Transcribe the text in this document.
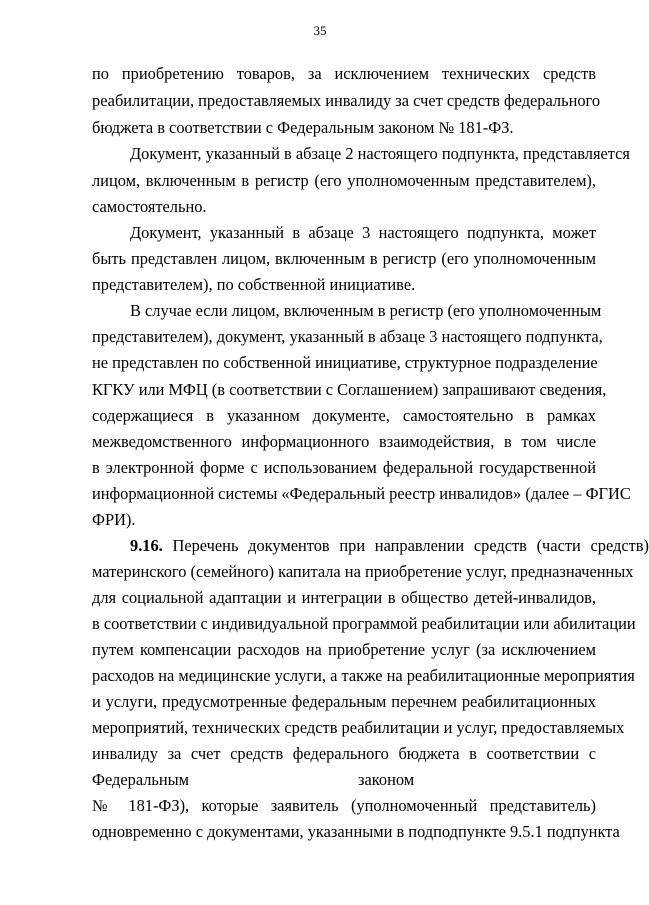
35
по приобретению товаров, за исключением технических средств
реабилитации, предоставляемых инвалиду за счет средств федерального
бюджета в соответствии с Федеральным законом № 181-ФЗ.
Документ, указанный в абзаце 2 настоящего подпункта, представляется
лицом, включенным в регистр (его уполномоченным представителем),
самостоятельно.
Документ, указанный в абзаце 3 настоящего подпункта, может
быть представлен лицом, включенным в регистр (его уполномоченным
представителем), по собственной инициативе.
В случае если лицом, включенным в регистр (его уполномоченным
представителем), документ, указанный в абзаце 3 настоящего подпункта,
не представлен по собственной инициативе, структурное подразделение
КГКУ или МФЦ (в соответствии с Соглашением) запрашивают сведения,
содержащиеся в указанном документе, самостоятельно в рамках
межведомственного информационного взаимодействия, в том числе
в электронной форме с использованием федеральной государственной
информационной системы «Федеральный реестр инвалидов» (далее – ФГИС
ФРИ).
9.16. Перечень документов при направлении средств (части средств)
материнского (семейного) капитала на приобретение услуг, предназначенных
для социальной адаптации и интеграции в общество детей-инвалидов,
в соответствии с индивидуальной программой реабилитации или абилитации
путем компенсации расходов на приобретение услуг (за исключением
расходов на медицинские услуги, а также на реабилитационные мероприятия
и услуги, предусмотренные федеральным перечнем реабилитационных
мероприятий, технических средств реабилитации и услуг, предоставляемых
инвалиду за счет средств федерального бюджета в соответствии с
Федеральным	законом
№ 181-ФЗ), которые заявитель (уполномоченный представитель)
одновременно с документами, указанными в подподпункте 9.5.1 подпункта
